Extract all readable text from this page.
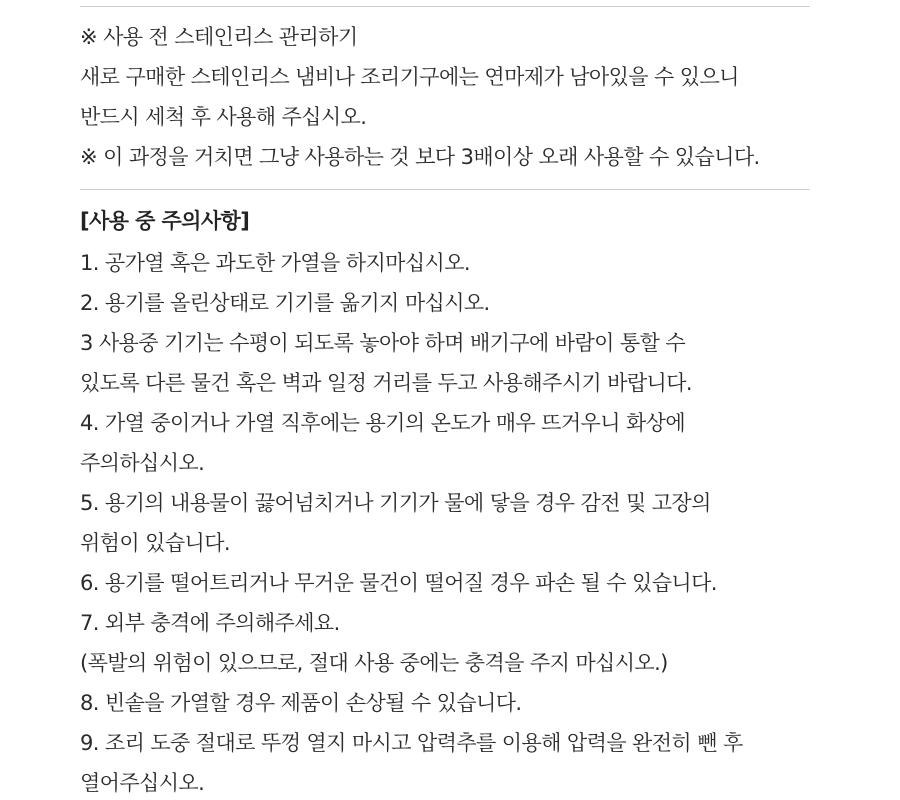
※ 사용 전 스테인리스 관리하기
새로 구매한 스테인리스 냄비나 조리기구에는 연마제가 남아있을 수 있으니
반드시 세척 후 사용해 주십시오.
※ 이 과정을 거치면 그냥 사용하는 것 보다 3배이상 오래 사용할 수 있습니다.
[사용 중 주의사항]
1. 공가열 혹은 과도한 가열을 하지마십시오.
2. 용기를 올린상태로 기기를 옮기지 마십시오.
3 사용중 기기는 수평이 되도록 놓아야 하며 배기구에 바람이 통할 수
있도록 다른 물건 혹은 벽과 일정 거리를 두고 사용해주시기 바랍니다.
4. 가열 중이거나 가열 직후에는 용기의 온도가 매우 뜨거우니 화상에
주의하십시오.
5. 용기의 내용물이 끓어넘치거나 기기가 물에 닿을 경우 감전 및 고장의
위험이 있습니다.
6. 용기를 떨어트리거나 무거운 물건이 떨어질 경우 파손 될 수 있습니다.
7. 외부 충격에 주의해주세요.
(폭발의 위험이 있으므로, 절대 사용 중에는 충격을 주지 마십시오.)
8. 빈솥을 가열할 경우 제품이 손상될 수 있습니다.
9. 조리 도중 절대로 뚜껑 열지 마시고 압력추를 이용해 압력을 완전히 뺀 후
열어주십시오.
